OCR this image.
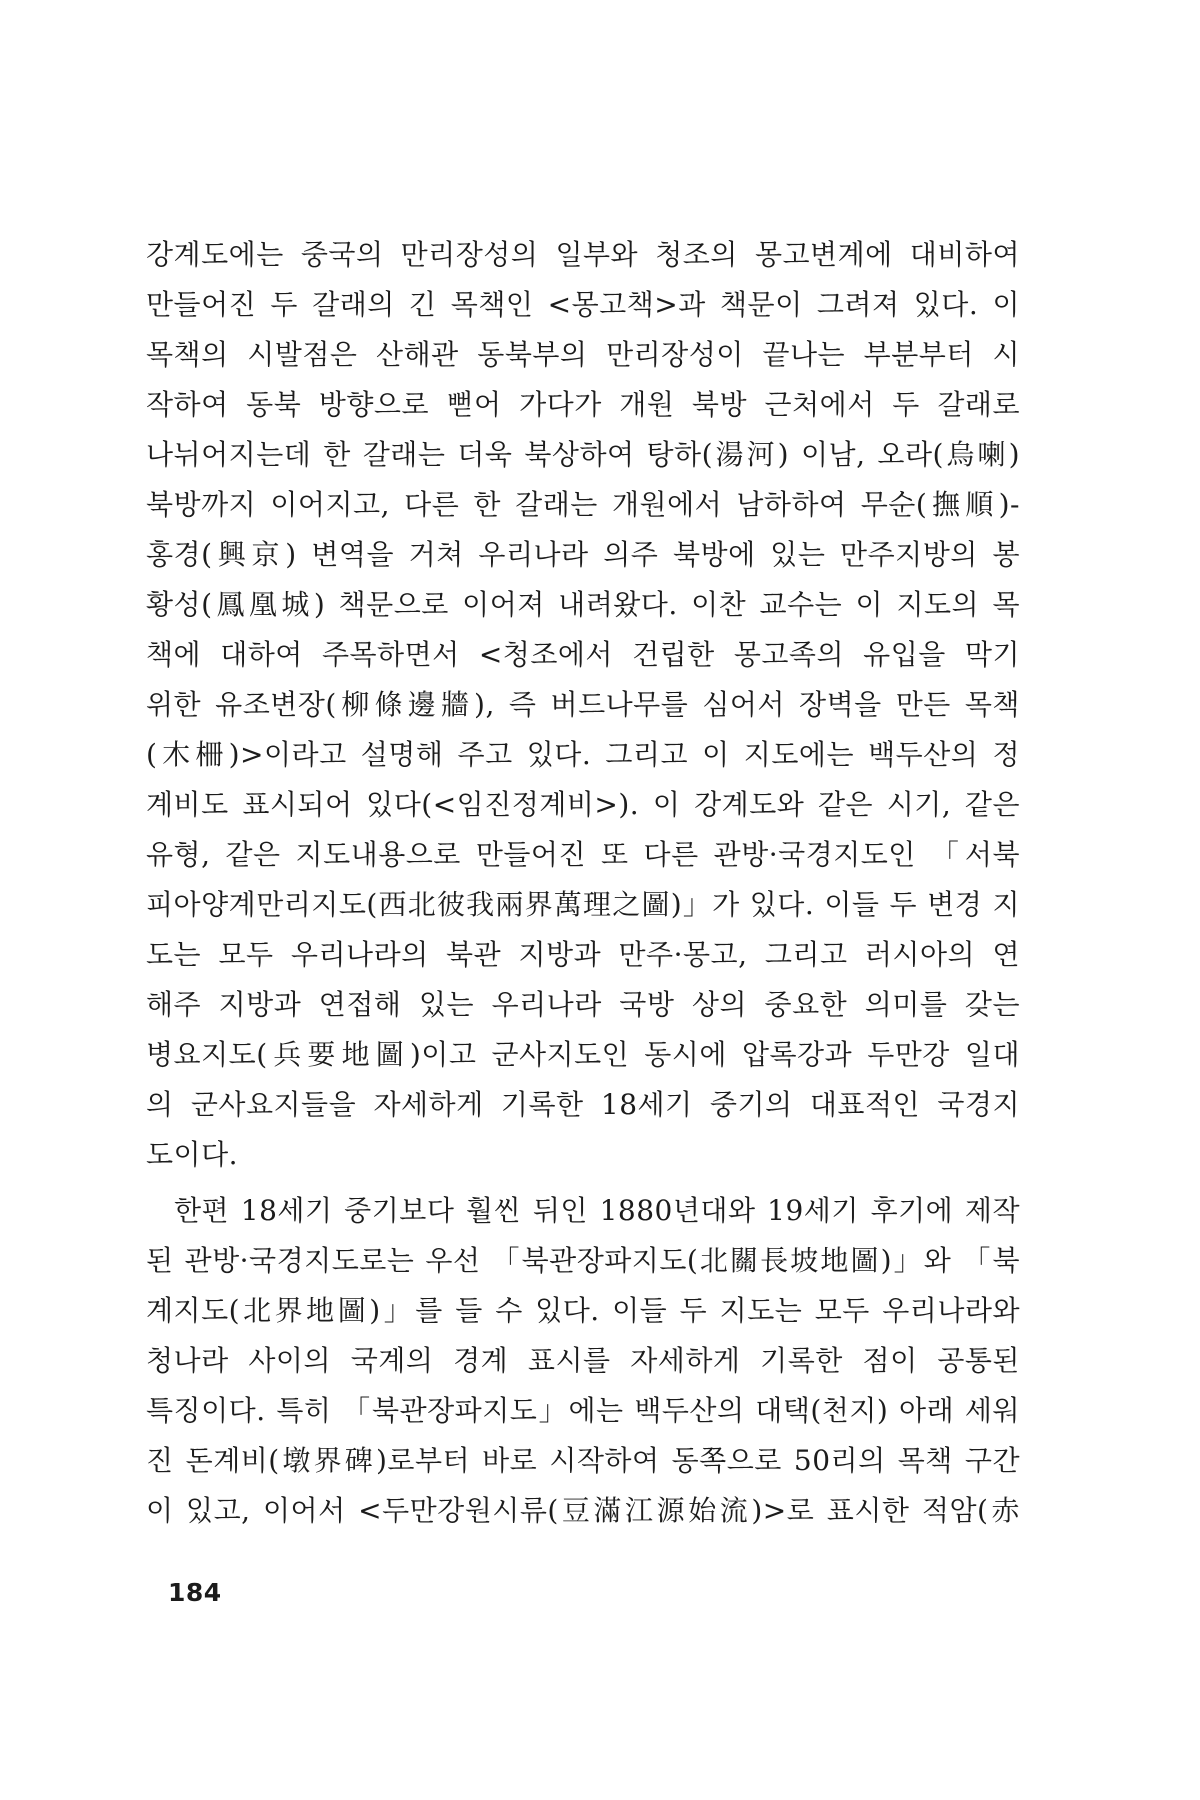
강계도에는 중국의 만리장성의 일부와 청조의 몽고변계에 대비하여
만들어진 두 갈래의 긴 목책인 <몽고책>과 책문이 그려져 있다. 이
목책의 시발점은 산해관 동북부의 만리장성이 끝나는 부분부터 시
작하여 동북 방향으로 뻗어 가다가 개원 북방 근처에서 두 갈래로
나뉘어지는데 한 갈래는 더욱 북상하여 탕하(湯河) 이남, 오라(烏喇)
북방까지 이어지고, 다른 한 갈래는 개원에서 남하하여 무순(撫順)-
홍경(興京) 변역을 거쳐 우리나라 의주 북방에 있는 만주지방의 봉
황성(鳳凰城) 책문으로 이어져 내려왔다. 이찬 교수는 이 지도의 목
책에 대하여 주목하면서 <청조에서 건립한 몽고족의 유입을 막기
위한 유조변장(柳條邊牆), 즉 버드나무를 심어서 장벽을 만든 목책
(木柵)>이라고 설명해 주고 있다. 그리고 이 지도에는 백두산의 정
계비도 표시되어 있다(<임진정계비>). 이 강계도와 같은 시기, 같은
유형, 같은 지도내용으로 만들어진 또 다른 관방·국경지도인 「서북
피아양계만리지도(西北彼我兩界萬理之圖)」가 있다. 이들 두 변경 지
도는 모두 우리나라의 북관 지방과 만주·몽고, 그리고 러시아의 연
해주 지방과 연접해 있는 우리나라 국방 상의 중요한 의미를 갖는
병요지도(兵要地圖)이고 군사지도인 동시에 압록강과 두만강 일대
의 군사요지들을 자세하게 기록한 18세기 중기의 대표적인 국경지
도이다.
한편 18세기 중기보다 훨씬 뒤인 1880년대와 19세기 후기에 제작
된 관방·국경지도로는 우선 「북관장파지도(北關長坡地圖)」와 「북
계지도(北界地圖)」를 들 수 있다. 이들 두 지도는 모두 우리나라와
청나라 사이의 국계의 경계 표시를 자세하게 기록한 점이 공통된
특징이다. 특히 「북관장파지도」에는 백두산의 대택(천지) 아래 세워
진 돈계비(墩界碑)로부터 바로 시작하여 동쪽으로 50리의 목책 구간
이 있고, 이어서 <두만강원시류(豆滿江源始流)>로 표시한 적암(赤
184
